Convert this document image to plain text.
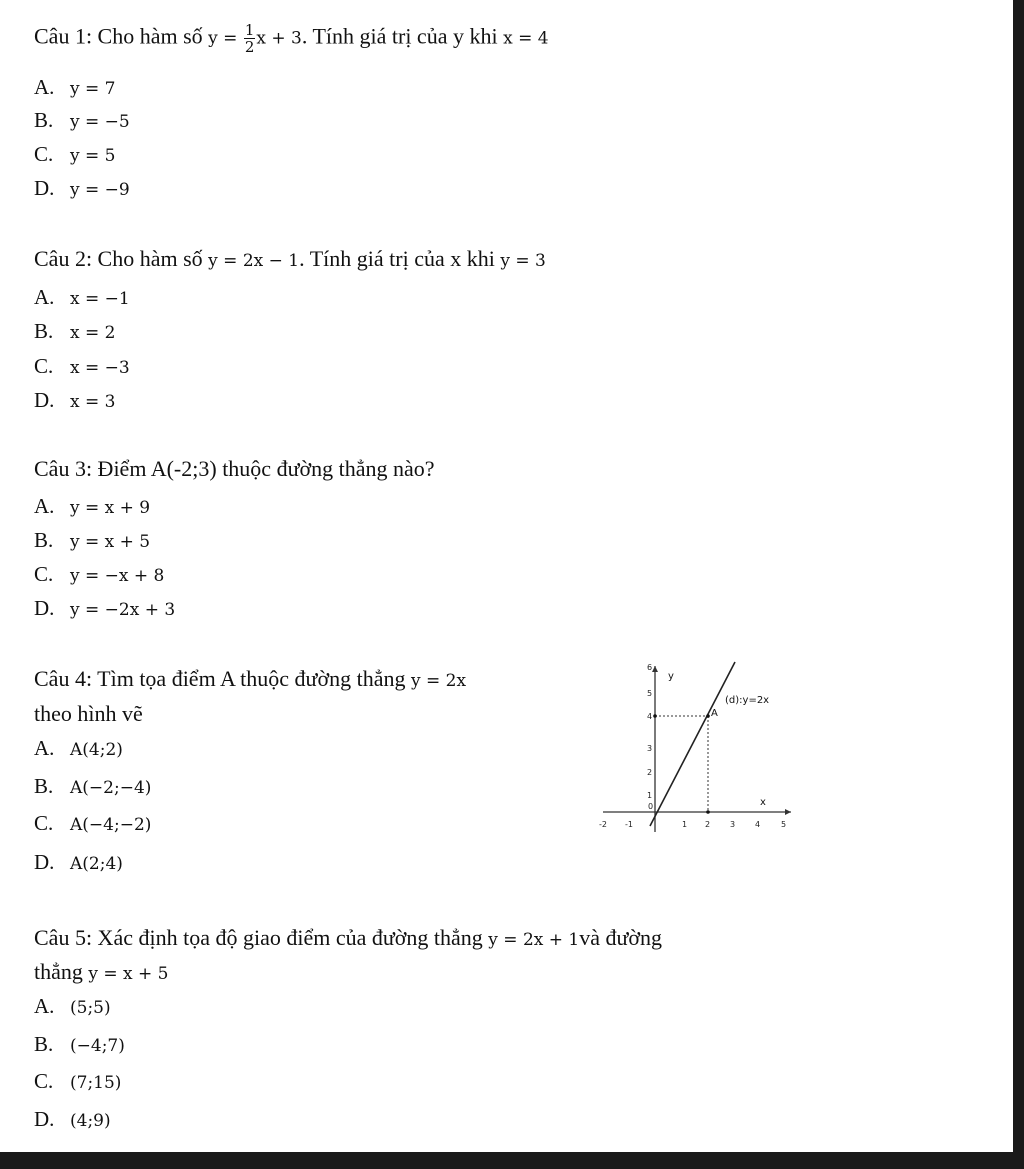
Câu 1: Cho hàm số $y = \frac{1}{2}$ x + 3. Tính giá trị của y khi x = 4
A. y = 7
B. y = −5
C. y = 5
D. y = −9
Câu 2: Cho hàm số y = 2x − 1. Tính giá trị của x khi y = 3
A. x = −1
B. x = 2
C. x = −3
D. x = 3
Câu 3: Điểm A(-2;3) thuộc đường thẳng nào?
A. y = x + 9
B. y = x + 5
C. y = −x + 8
D. y = −2x + 3
Câu 4: Tìm tọa điểm A thuộc đường thẳng y = 2x
theo hình vẽ
A. A(4;2)
B. A(−2;−4)
C. A(−4;−2)
D. A(2;4)
1
2
3
4
5
6
0
-2 -1	1 2 3 4	5
y
x
(d):y=2x
A
Câu 5: Xác định tọa độ giao điểm của đường thẳng y = 2x + 1và đường
thẳng y = x + 5
A. (5;5)
B. (−4;7)
C. (7;15)
D. (4;9)
